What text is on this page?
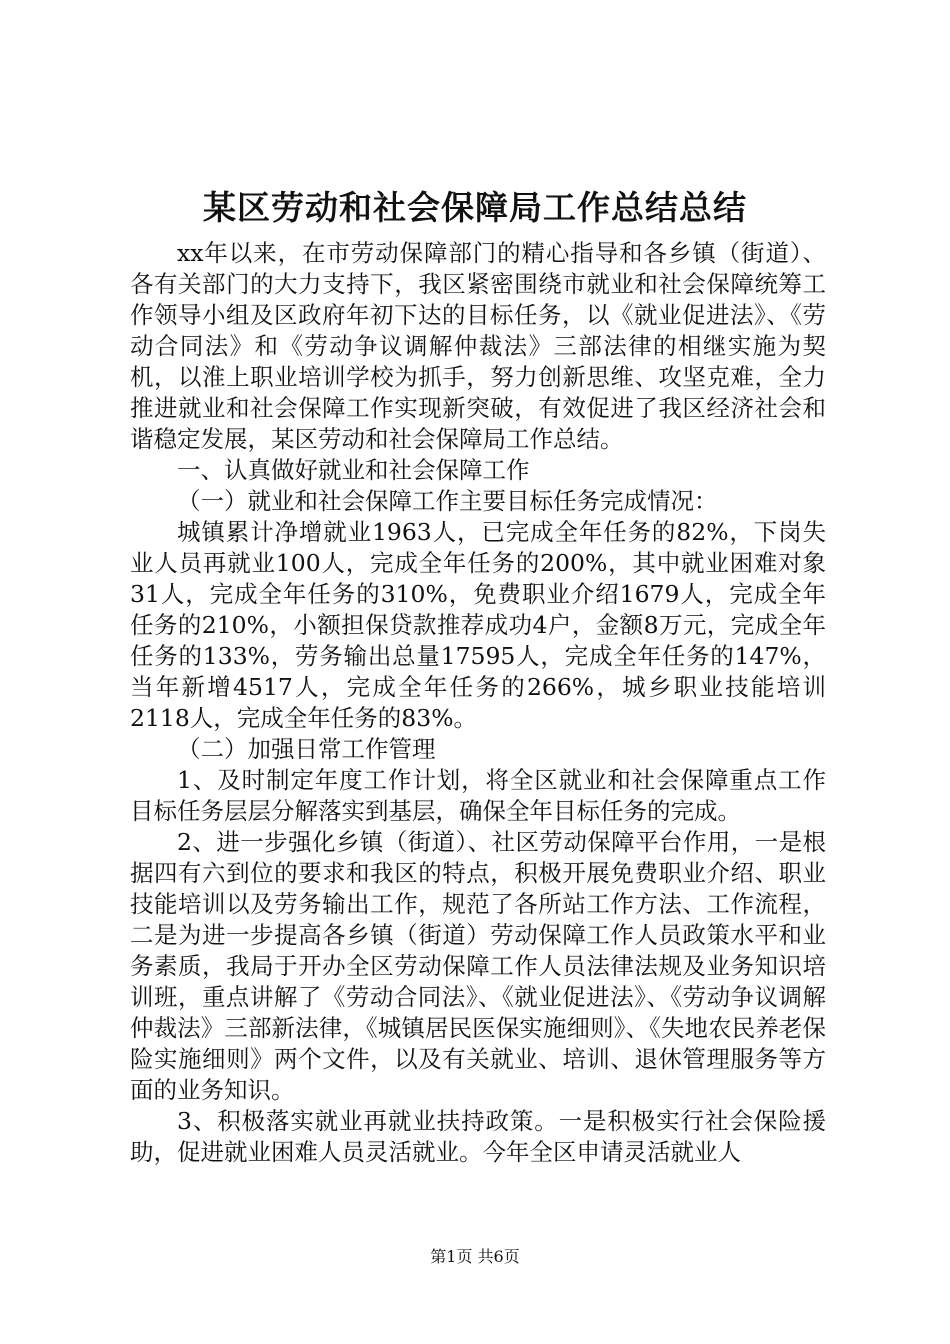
某区劳动和社会保障局工作总结总结

xx年以来，在市劳动保障部门的精心指导和各乡镇（街道）、各有关部门的大力支持下，我区紧密围绕市就业和社会保障统筹工作领导小组及区政府年初下达的目标任务，以《就业促进法》、《劳动合同法》和《劳动争议调解仲裁法》三部法律的相继实施为契机，以淮上职业培训学校为抓手，努力创新思维、攻坚克难，全力推进就业和社会保障工作实现新突破，有效促进了我区经济社会和谐稳定发展，某区劳动和社会保障局工作总结。

一、认真做好就业和社会保障工作

（一）就业和社会保障工作主要目标任务完成情况：

城镇累计净增就业1963人，已完成全年任务的82%，下岗失业人员再就业100人，完成全年任务的200%，其中就业困难对象31人，完成全年任务的310%，免费职业介绍1679人，完成全年任务的210%，小额担保贷款推荐成功4户，金额8万元，完成全年任务的133%，劳务输出总量17595人，完成全年任务的147%，当年新增4517人，完成全年任务的266%，城乡职业技能培训2118人，完成全年任务的83%。

（二）加强日常工作管理

1、及时制定年度工作计划，将全区就业和社会保障重点工作目标任务层层分解落实到基层，确保全年目标任务的完成。

2、进一步强化乡镇（街道）、社区劳动保障平台作用，一是根据四有六到位的要求和我区的特点，积极开展免费职业介绍、职业技能培训以及劳务输出工作，规范了各所站工作方法、工作流程，二是为进一步提高各乡镇（街道）劳动保障工作人员政策水平和业务素质，我局于开办全区劳动保障工作人员法律法规及业务知识培训班，重点讲解了《劳动合同法》、《就业促进法》、《劳动争议调解仲裁法》三部新法律，《城镇居民医保实施细则》、《失地农民养老保险实施细则》两个文件，以及有关就业、培训、退休管理服务等方面的业务知识。

3、积极落实就业再就业扶持政策。一是积极实行社会保险援助，促进就业困难人员灵活就业。今年全区申请灵活就业人

第1页 共6页
